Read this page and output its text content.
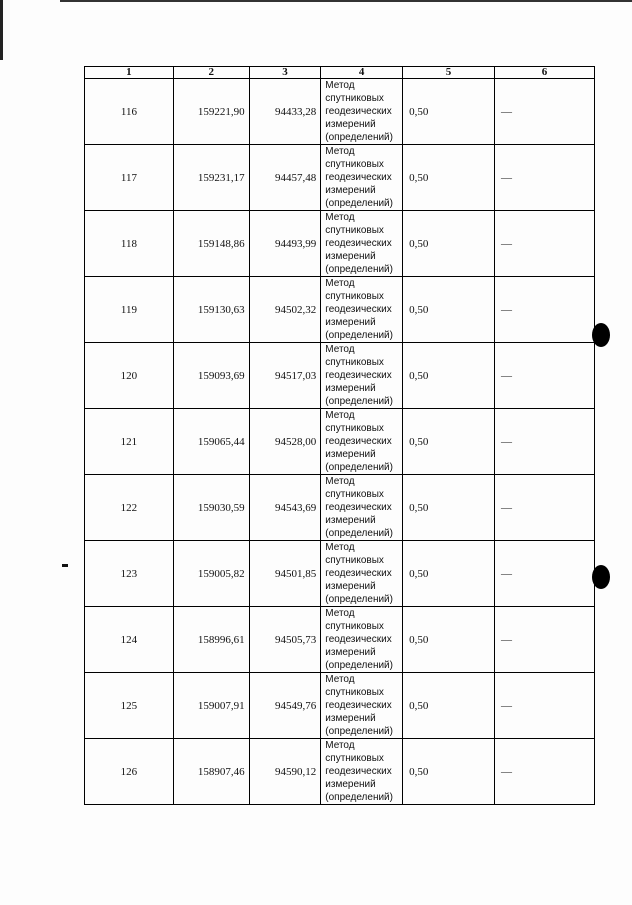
1	2	3	4	5	6
116	159221,90	94433,28	Метод
спутниковых
геодезических
измерений
(определений)	0,50	—
117	159231,17	94457,48	Метод
спутниковых
геодезических
измерений
(определений)	0,50	—
118	159148,86	94493,99	Метод
спутниковых
геодезических
измерений
(определений)	0,50	—
119	159130,63	94502,32	Метод
спутниковых
геодезических
измерений
(определений)	0,50	—
120	159093,69	94517,03	Метод
спутниковых
геодезических
измерений
(определений)	0,50	—
121	159065,44	94528,00	Метод
спутниковых
геодезических
измерений
(определений)	0,50	—
122	159030,59	94543,69	Метод
спутниковых
геодезических
измерений
(определений)	0,50	—
123	159005,82	94501,85	Метод
спутниковых
геодезических
измерений
(определений)	0,50	—
124	158996,61	94505,73	Метод
спутниковых
геодезических
измерений
(определений)	0,50	—
125	159007,91	94549,76	Метод
спутниковых
геодезических
измерений
(определений)	0,50	—
126	158907,46	94590,12	Метод
спутниковых
геодезических
измерений
(определений)	0,50	—
